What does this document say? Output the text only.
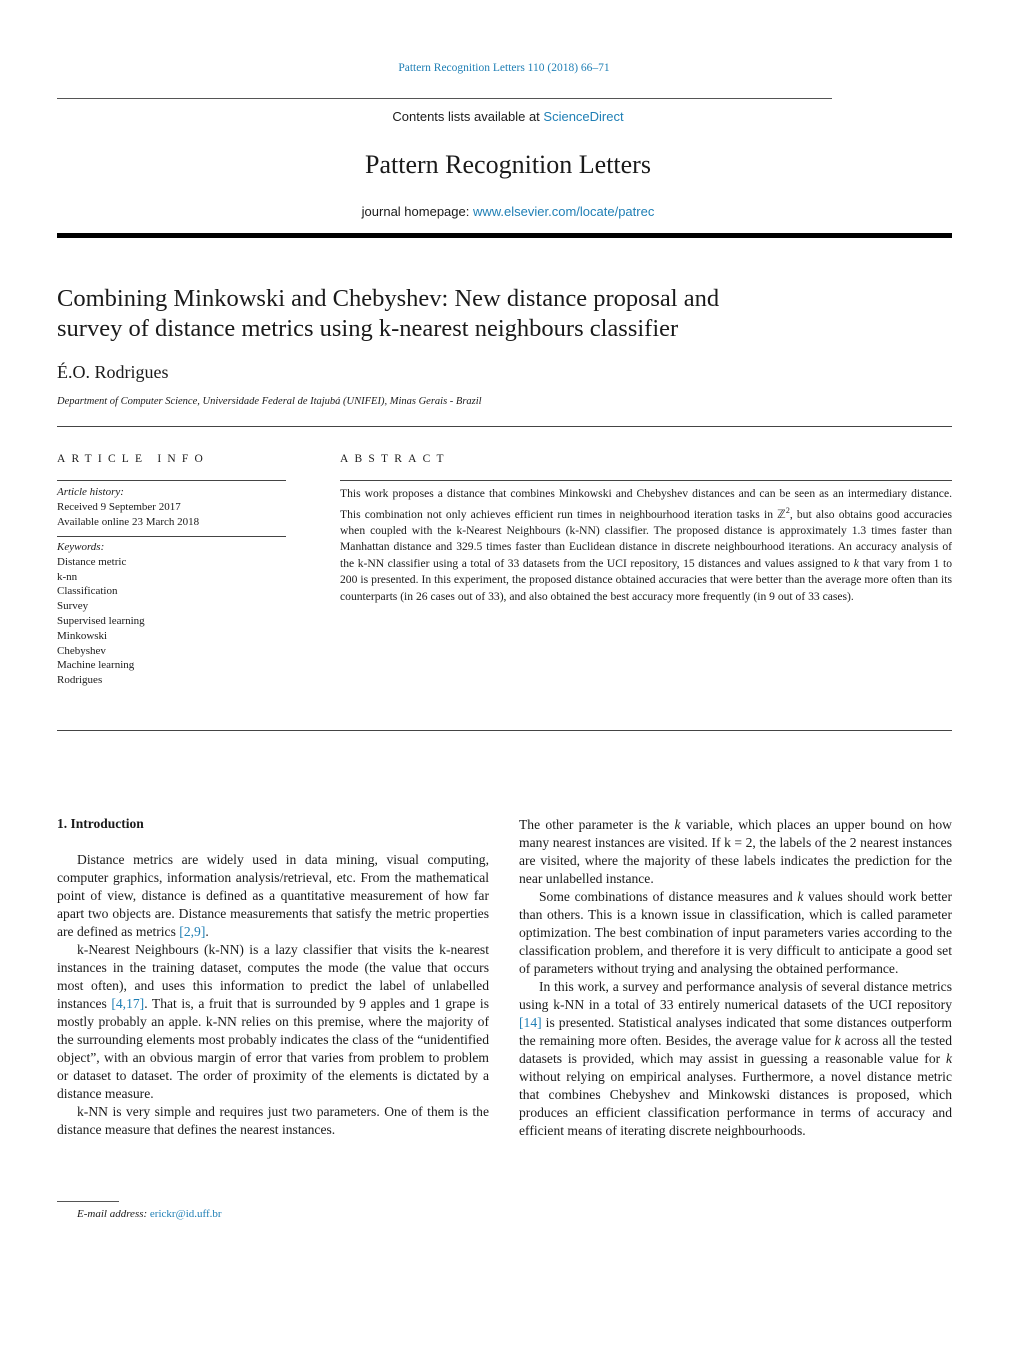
Pattern Recognition Letters 110 (2018) 66–71
Contents lists available at ScienceDirect
Pattern Recognition Letters
journal homepage: www.elsevier.com/locate/patrec
Combining Minkowski and Chebyshev: New distance proposal and
survey of distance metrics using k-nearest neighbours classifier
É.O. Rodrigues
Department of Computer Science, Universidade Federal de Itajubá (UNIFEI), Minas Gerais - Brazil
ARTICLE INFO
Article history:
Received 9 September 2017
Available online 23 March 2018
Keywords:
Distance metric
k-nn
Classification
Survey
Supervised learning
Minkowski
Chebyshev
Machine learning
Rodrigues
ABSTRACT
This work proposes a distance that combines Minkowski and Chebyshev distances and can be seen as an intermediary distance. This combination not only achieves efficient run times in neighbourhood iteration tasks in ℤ$^2$, but also obtains good accuracies when coupled with the k-Nearest Neighbours (k-NN) classifier. The proposed distance is approximately 1.3 times faster than Manhattan distance and 329.5 times faster than Euclidean distance in discrete neighbourhood iterations. An accuracy analysis of the k-NN classifier using a total of 33 datasets from the UCI repository, 15 distances and values assigned to k that vary from 1 to 200 is presented. In this experiment, the proposed distance obtained accuracies that were better than the average more often than its counterparts (in 26 cases out of 33), and also obtained the best accuracy more frequently (in 9 out of 33 cases).
1. Introduction

Distance metrics are widely used in data mining, visual computing, computer graphics, information analysis/retrieval, etc. From the mathematical point of view, distance is defined as a quantitative measurement of how far apart two objects are. Distance measurements that satisfy the metric properties are defined as metrics [2,9].

k-Nearest Neighbours (k-NN) is a lazy classifier that visits the k-nearest instances in the training dataset, computes the mode (the value that occurs most often), and uses this information to predict the label of unlabelled instances [4,17]. That is, a fruit that is surrounded by 9 apples and 1 grape is mostly probably an apple. k-NN relies on this premise, where the majority of the surrounding elements most probably indicates the class of the “unidentified object”, with an obvious margin of error that varies from problem to problem or dataset to dataset. The order of proximity of the elements is dictated by a distance measure.

k-NN is very simple and requires just two parameters. One of them is the distance measure that defines the nearest instances.

The other parameter is the k variable, which places an upper bound on how many nearest instances are visited. If k = 2, the labels of the 2 nearest instances are visited, where the majority of these labels indicates the prediction for the near unlabelled instance.

Some combinations of distance measures and k values should work better than others. This is a known issue in classification, which is called parameter optimization. The best combination of input parameters varies according to the classification problem, and therefore it is very difficult to anticipate a good set of parameters without trying and analysing the obtained performance.

In this work, a survey and performance analysis of several distance metrics using k-NN in a total of 33 entirely numerical datasets of the UCI repository [14] is presented. Statistical analyses indicated that some distances outperform the remaining more often. Besides, the average value for k across all the tested datasets is provided, which may assist in guessing a reasonable value for k without relying on empirical analyses. Furthermore, a novel distance metric that combines Chebyshev and Minkowski distances is proposed, which produces an efficient classification performance in terms of accuracy and efficient means of iterating discrete neighbourhoods.

E-mail address: erickr@id.uff.br
